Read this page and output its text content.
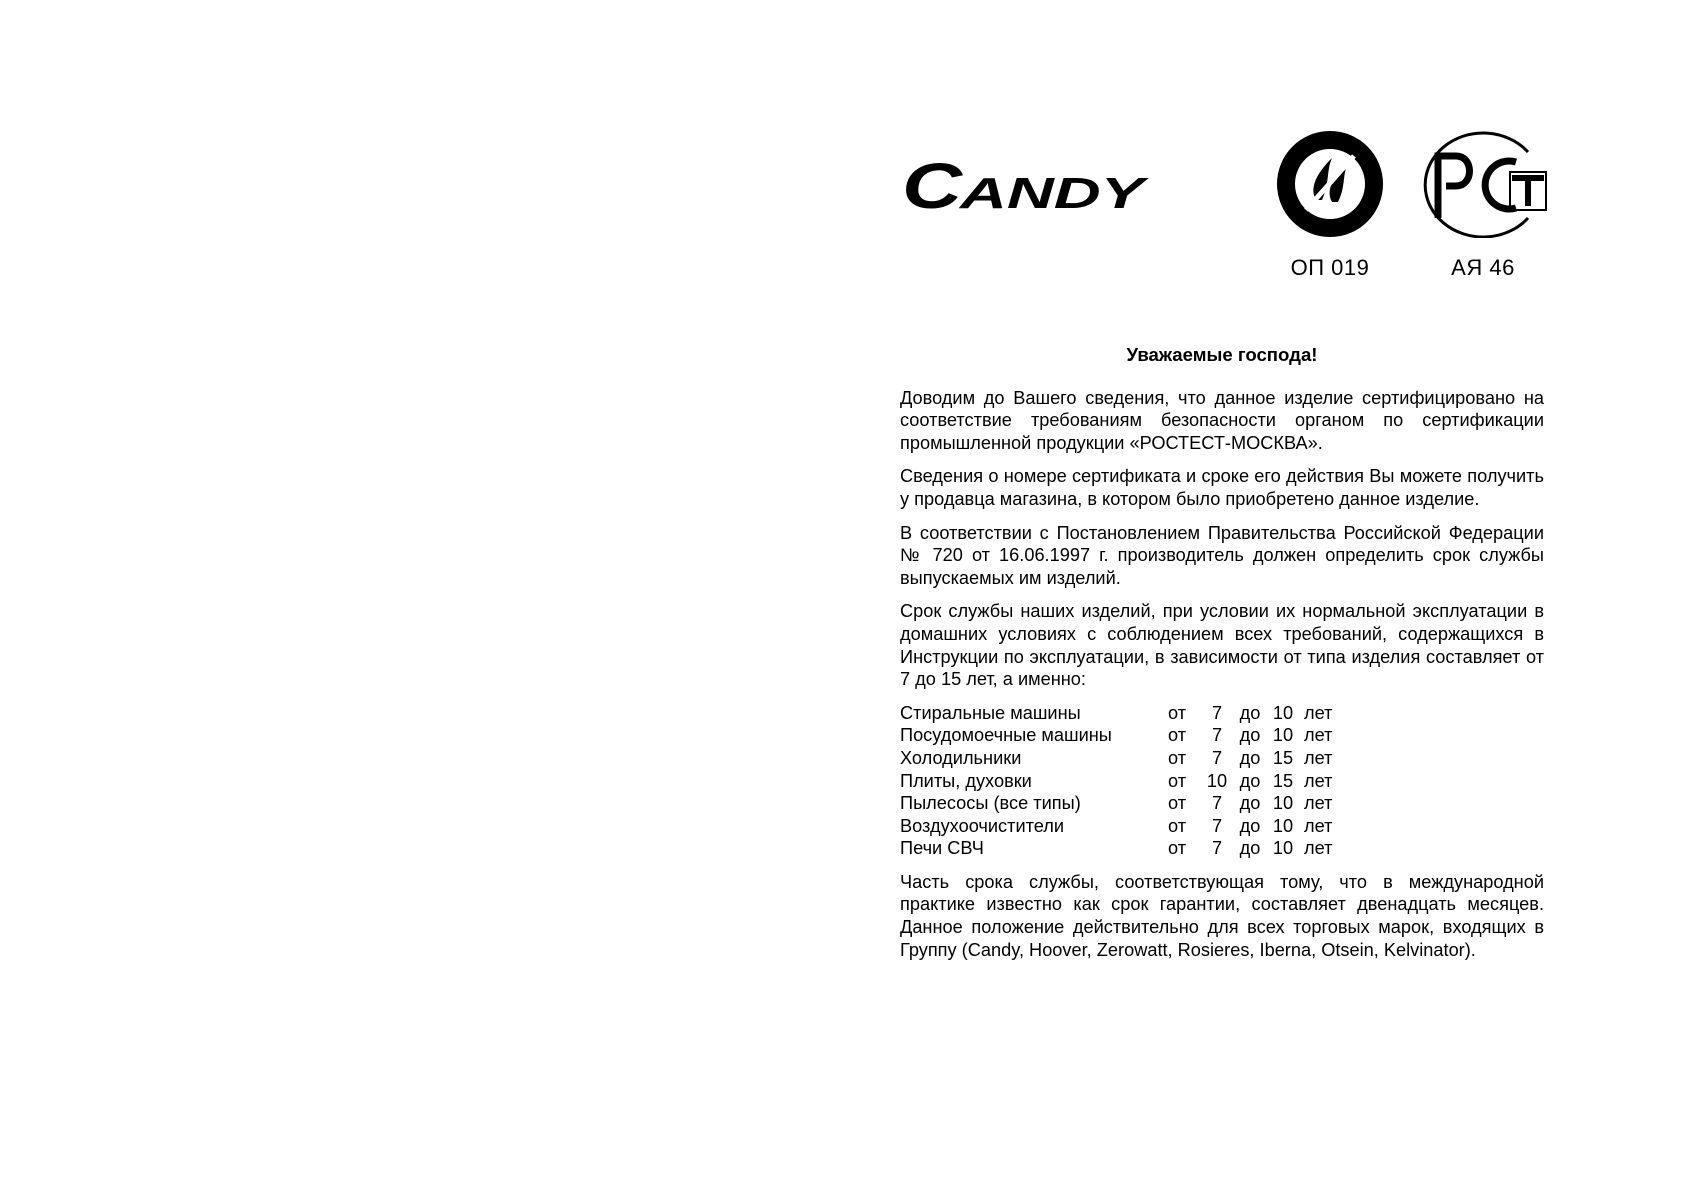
C
ANDY
ОП 019	АЯ 46

Уважаемые господа!

Доводим до Вашего сведения, что данное изделие сертифицировано на соответствие требованиям безопасности органом по сертификации промышленной продукции «РОСТЕСТ-МОСКВА».

Сведения о номере сертификата и сроке его действия Вы можете получить у продавца магазина, в котором было приобретено данное изделие.

В соответствии с Постановлением Правительства Российской Федерации № 720 от 16.06.1997 г. производитель должен определить срок службы выпускаемых им изделий.

Срок службы наших изделий, при условии их нормальной эксплуатации в домашних условиях с соблюдением всех требований, содержащихся в Инструкции по эксплуатации, в зависимости от типа изделия составляет от 7 до 15 лет, а именно:

Стиральные машины	от	7 до 10 лет
Посудомоечные машины	от	7 до 10 лет
Холодильники	от	7 до 15 лет
Плиты, духовки	от	10 до 15 лет
Пылесосы (все типы)	от	7 до 10 лет
Воздухоочистители	от	7 до 10 лет
Печи СВЧ	от	7 до 10 лет

Часть срока службы, соответствующая тому, что в международной практике известно как срок гарантии, составляет двенадцать месяцев. Данное положение действительно для всех торговых марок, входящих в Группу (Candy, Hoover, Zerowatt, Rosieres, Iberna, Otsein, Kelvinator).
